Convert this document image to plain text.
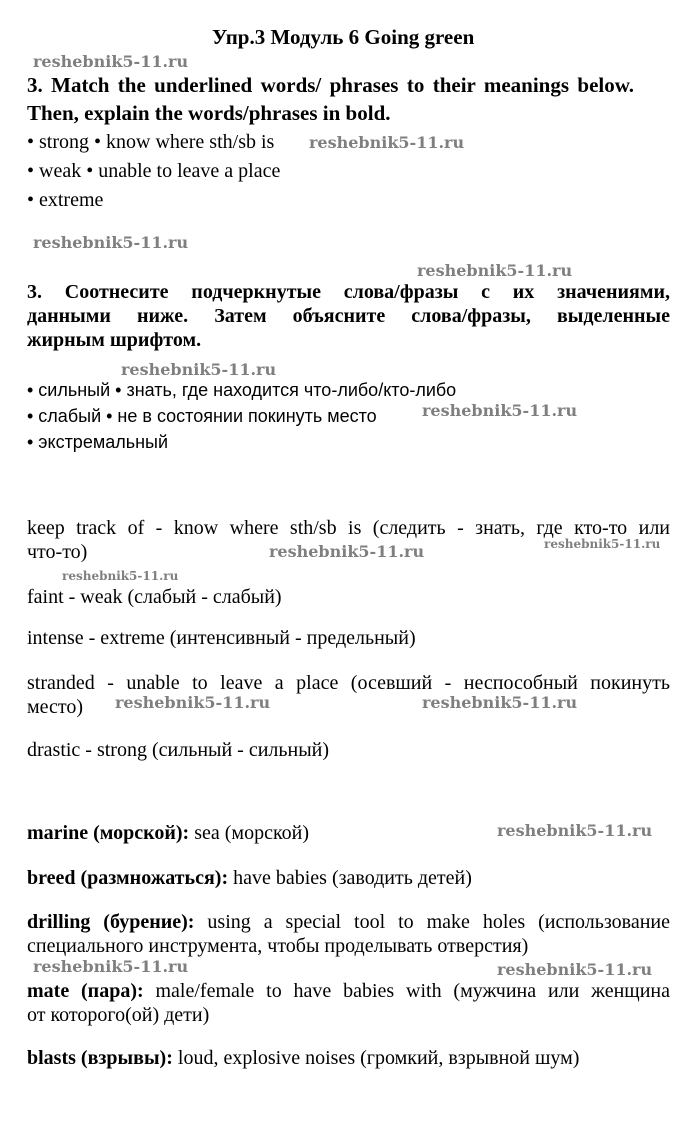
Упр.3 Модуль 6 Going green
3. Match the underlined words/ phrases to their meanings below.
Then, explain the words/phrases in bold.
• strong • know where sth/sb is
• weak • unable to leave a place
• extreme
3. Соотнесите подчеркнутые слова/фразы с их значениями,
данными ниже. Затем объясните слова/фразы, выделенные
жирным шрифтом.
• сильный • знать, где находится что-либо/кто-либо
• слабый • не в состоянии покинуть место
• экстремальный
keep track of - know where sth/sb is (следить - знать, где кто-то или
что-то)
faint - weak (слабый - слабый)
intense - extreme (интенсивный - предельный)
stranded - unable to leave a place (осевший - неспособный покинуть
место)
drastic - strong (сильный - сильный)
marine (морской): sea (морской)
breed (размножаться): have babies (заводить детей)
drilling (бурение): using a special tool to make holes (использование
специального инструмента, чтобы проделывать отверстия)
mate (пара): male/female to have babies with (мужчина или женщина
от которого(ой) дети)
blasts (взрывы): loud, explosive noises (громкий, взрывной шум)
reshebnik5-11.ru
reshebnik5-11.ru
reshebnik5-11.ru
reshebnik5-11.ru
reshebnik5-11.ru
reshebnik5-11.ru
reshebnik5-11.ru	reshebnik5-11.ru
reshebnik5-11.ru
reshebnik5-11.ru	reshebnik5-11.ru
reshebnik5-11.ru
reshebnik5-11.ru	reshebnik5-11.ru
